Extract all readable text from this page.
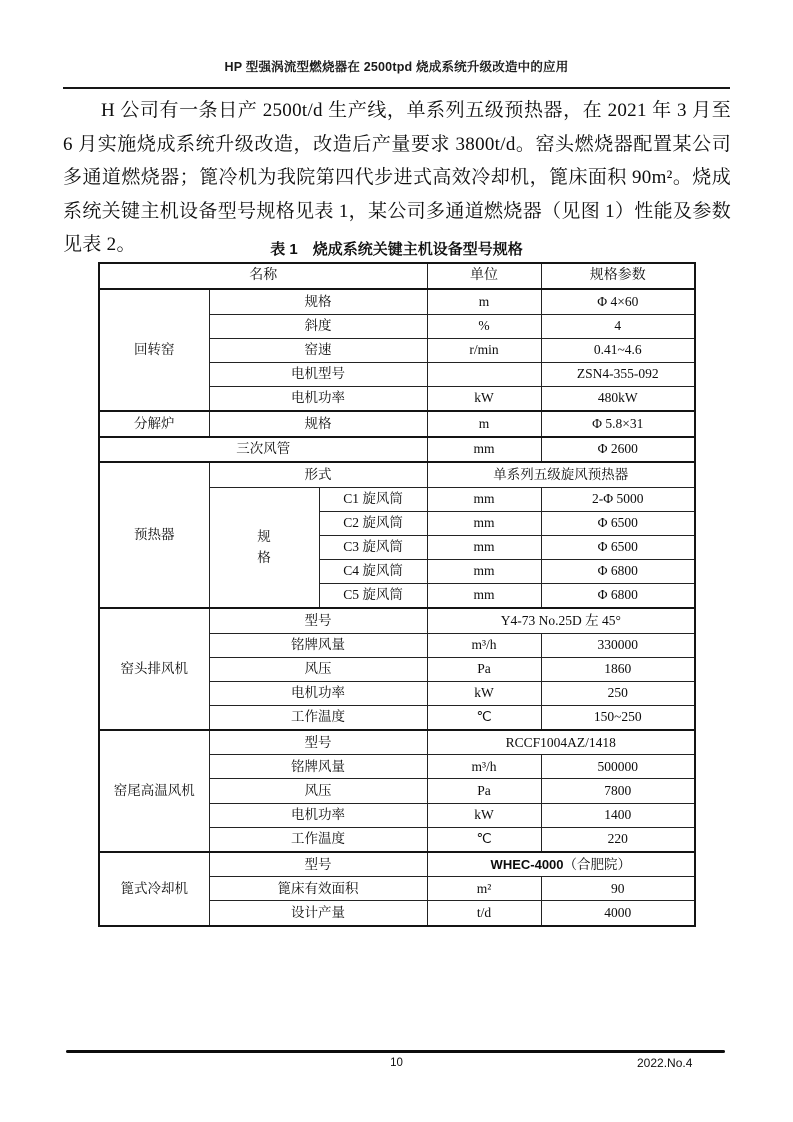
HP 型强涡流型燃烧器在 2500tpd 烧成系统升级改造中的应用
H 公司有一条日产 2500t/d 生产线，单系列五级预热器，在 2021 年 3 月至 6 月实施烧成系统升级改造，改造后产量要求 3800t/d。窑头燃烧器配置某公司多通道燃烧器；篦冷机为我院第四代步进式高效冷却机，篦床面积 90m²。烧成系统关键主机设备型号规格见表 1，某公司多通道燃烧器（见图 1）性能及参数见表 2。	表 1　烧成系统关键主机设备型号规格
名称			单位	规格参数
回转窑	规格		m	Φ 4×60
	斜度		%	4
	窑速		r/min	0.41~4.6
	电机型号			ZSN4-355-092
	电机功率		kW	480kW
分解炉	规格		m	Φ 5.8×31
三次风管			mm	Φ 2600
预热器	形式		单系列五级旋风预热器	
	规格	C1 旋风筒	mm	2-Φ 5000
		C2 旋风筒	mm	Φ 6500
		C3 旋风筒	mm	Φ 6500
		C4 旋风筒	mm	Φ 6800
		C5 旋风筒	mm	Φ 6800
窑头排风机	型号		Y4-73 No.25D 左 45°	
	铭牌风量		m³/h	330000
	风压		Pa	1860
	电机功率		kW	250
	工作温度		℃	150~250
窑尾高温风机	型号		RCCF1004AZ/1418	
	铭牌风量		m³/h	500000
	风压		Pa	7800
	电机功率		kW	1400
	工作温度		℃	220
篦式冷却机	型号		WHEC-4000（合肥院）	
	篦床有效面积		m²	90
	设计产量		t/d	4000
10	2022.No.4
